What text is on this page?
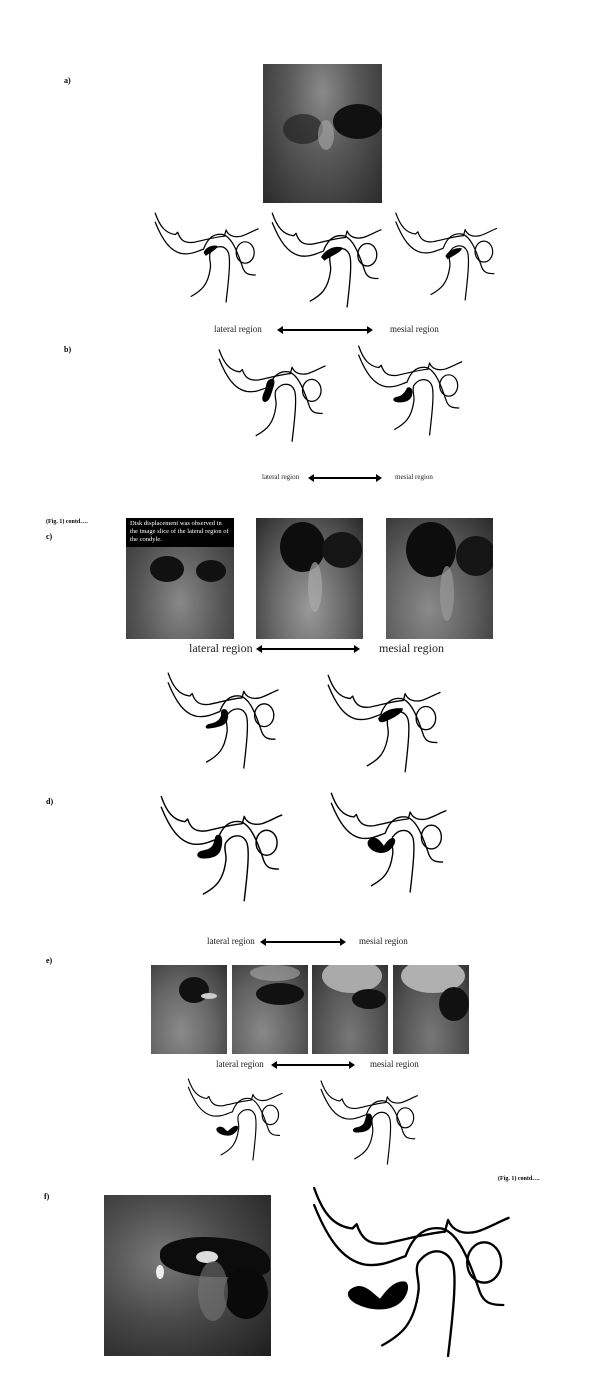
a)
lateral region	mesial region
b)
lateral region	mesial region
(Fig. 1) contd….
c)
Disk displacement was observed in the image slice of the lateral region of the condyle.
lateral region	mesial region
d)
lateral region	mesial region
e)
lateral region	mesial region
(Fig. 1) contd….
f)
